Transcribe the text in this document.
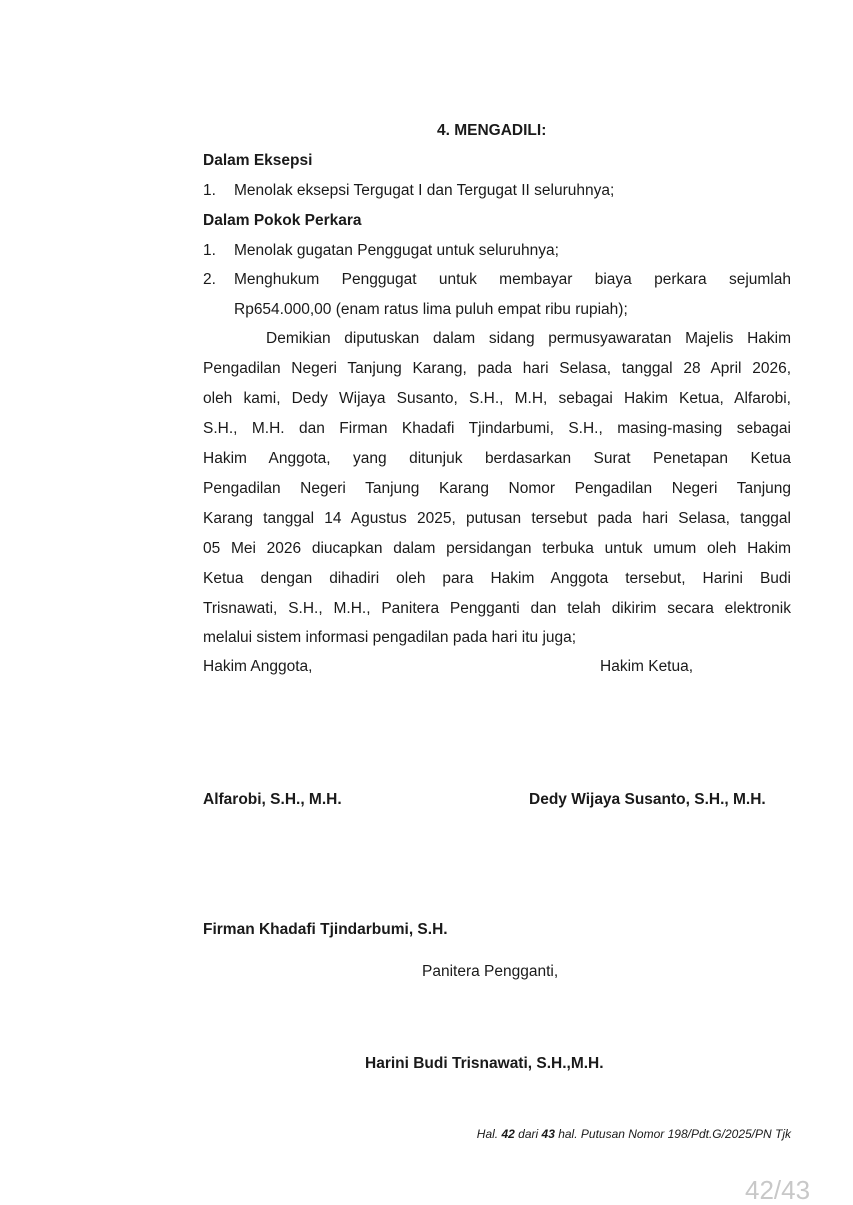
4. MENGADILI:
Dalam Eksepsi
1. Menolak eksepsi Tergugat I dan Tergugat II seluruhnya;
Dalam Pokok Perkara
1. Menolak gugatan Penggugat untuk seluruhnya;
2. Menghukum Penggugat untuk membayar biaya perkara sejumlah
Rp654.000,00 (enam ratus lima puluh empat ribu rupiah);
Demikian diputuskan dalam sidang permusyawaratan Majelis Hakim
Pengadilan Negeri Tanjung Karang, pada hari Selasa, tanggal 28 April 2026,
oleh kami, Dedy Wijaya Susanto, S.H., M.H, sebagai Hakim Ketua, Alfarobi,
S.H., M.H. dan Firman Khadafi Tjindarbumi, S.H., masing-masing sebagai
Hakim Anggota, yang ditunjuk berdasarkan Surat Penetapan Ketua
Pengadilan Negeri Tanjung Karang Nomor Pengadilan Negeri Tanjung
Karang tanggal 14 Agustus 2025, putusan tersebut pada hari Selasa, tanggal
05 Mei 2026 diucapkan dalam persidangan terbuka untuk umum oleh Hakim
Ketua dengan dihadiri oleh para Hakim Anggota tersebut, Harini Budi
Trisnawati, S.H., M.H., Panitera Pengganti dan telah dikirim secara elektronik
melalui sistem informasi pengadilan pada hari itu juga;
Hakim Anggota,	Hakim Ketua,
Alfarobi, S.H., M.H.	Dedy Wijaya Susanto, S.H., M.H.
Firman Khadafi Tjindarbumi, S.H.
Panitera Pengganti,
Harini Budi Trisnawati, S.H.,M.H.
Hal. 42 dari 43 hal. Putusan Nomor 198/Pdt.G/2025/PN Tjk
42/43
